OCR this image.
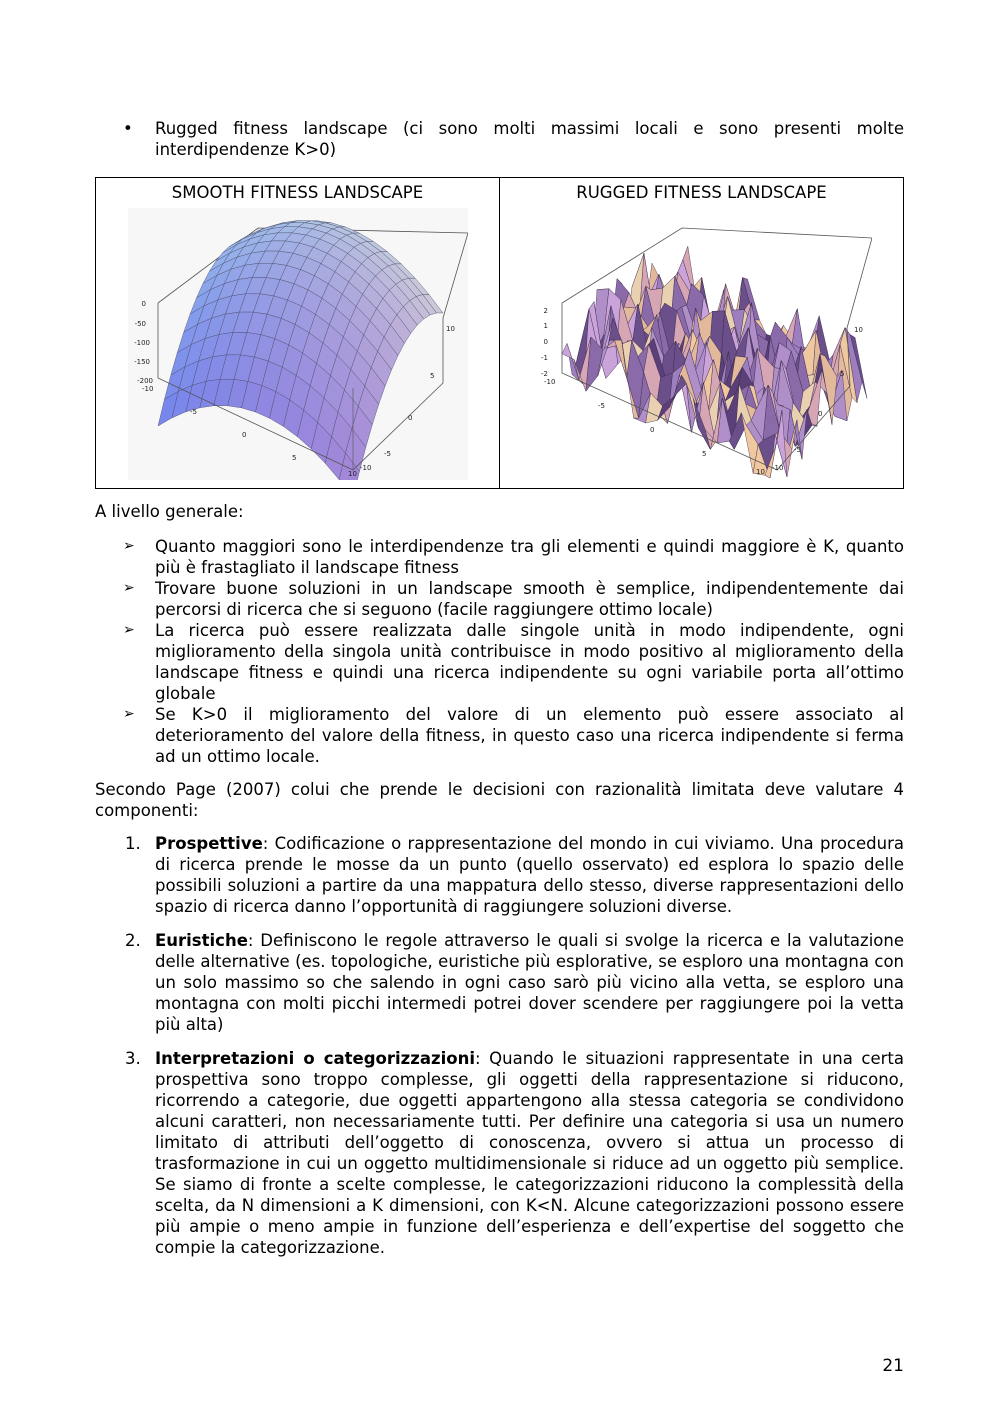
• Rugged fitness landscape (ci sono molti massimi locali e sono presenti molte interdipendenze K>0)
SMOOTH FITNESS LANDSCAPE
0
-50
-100
-150
-200
-10
-5
0
5
10
10
5
0
-5
-10

RUGGED FITNESS LANDSCAPE
2
1
0
-1
-2
-10
-5
0
5
10
10
5
0
-5
-10
A livello generale:
➢ Quanto maggiori sono le interdipendenze tra gli elementi e quindi maggiore è K, quanto più è frastagliato il landscape fitness
➢ Trovare buone soluzioni in un landscape smooth è semplice, indipendentemente dai percorsi di ricerca che si seguono (facile raggiungere ottimo locale)
➢ La ricerca può essere realizzata dalle singole unità in modo indipendente, ogni miglioramento della singola unità contribuisce in modo positivo al miglioramento della landscape fitness e quindi una ricerca indipendente su ogni variabile porta all’ottimo globale
➢ Se K>0 il miglioramento del valore di un elemento può essere associato al deterioramento del valore della fitness, in questo caso una ricerca indipendente si ferma ad un ottimo locale.
Secondo Page (2007) colui che prende le decisioni con razionalità limitata deve valutare 4 componenti:
1. Prospettive: Codificazione o rappresentazione del mondo in cui viviamo. Una procedura di ricerca prende le mosse da un punto (quello osservato) ed esplora lo spazio delle possibili soluzioni a partire da una mappatura dello stesso, diverse rappresentazioni dello spazio di ricerca danno l’opportunità di raggiungere soluzioni diverse.
2. Euristiche: Definiscono le regole attraverso le quali si svolge la ricerca e la valutazione delle alternative (es. topologiche, euristiche più esplorative, se esploro una montagna con un solo massimo so che salendo in ogni caso sarò più vicino alla vetta, se esploro una montagna con molti picchi intermedi potrei dover scendere per raggiungere poi la vetta più alta)
3. Interpretazioni o categorizzazioni: Quando le situazioni rappresentate in una certa prospettiva sono troppo complesse, gli oggetti della rappresentazione si riducono, ricorrendo a categorie, due oggetti appartengono alla stessa categoria se condividono alcuni caratteri, non necessariamente tutti. Per definire una categoria si usa un numero limitato di attributi dell’oggetto di conoscenza, ovvero si attua un processo di trasformazione in cui un oggetto multidimensionale si riduce ad un oggetto più semplice. Se siamo di fronte a scelte complesse, le categorizzazioni riducono la complessità della scelta, da N dimensioni a K dimensioni, con K<N. Alcune categorizzazioni possono essere più ampie o meno ampie in funzione dell’esperienza e dell’expertise del soggetto che compie la categorizzazione.
21
